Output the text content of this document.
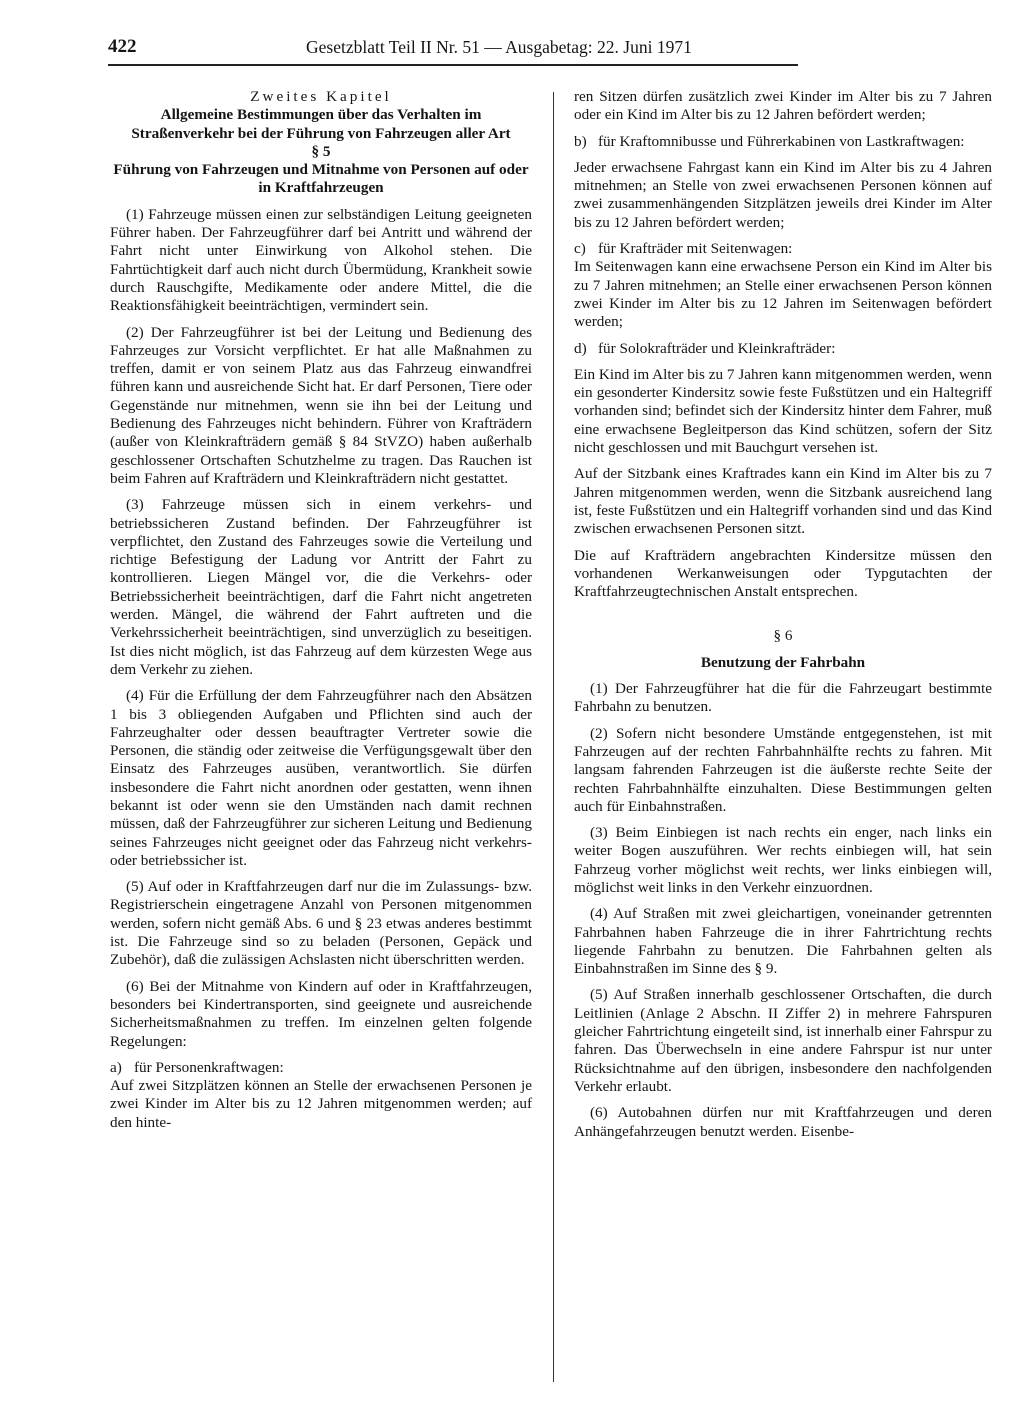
422	Gesetzblatt Teil II Nr. 51 — Ausgabetag: 22. Juni 1971

Zweites Kapitel

Allgemeine Bestimmungen über das Verhalten im Straßenverkehr bei der Führung von Fahrzeugen aller Art

§ 5

Führung von Fahrzeugen und Mitnahme von Personen auf oder in Kraftfahrzeugen

(1) Fahrzeuge müssen einen zur selbständigen Leitung geeigneten Führer haben. Der Fahrzeugführer darf bei Antritt und während der Fahrt nicht unter Einwirkung von Alkohol stehen. Die Fahrtüchtigkeit darf auch nicht durch Übermüdung, Krankheit sowie durch Rauschgifte, Medikamente oder andere Mittel, die die Reaktionsfähigkeit beeinträchtigen, vermindert sein.

(2) Der Fahrzeugführer ist bei der Leitung und Bedienung des Fahrzeuges zur Vorsicht verpflichtet. Er hat alle Maßnahmen zu treffen, damit er von seinem Platz aus das Fahrzeug einwandfrei führen kann und ausreichende Sicht hat. Er darf Personen, Tiere oder Gegenstände nur mitnehmen, wenn sie ihn bei der Leitung und Bedienung des Fahrzeuges nicht behindern. Führer von Krafträdern (außer von Kleinkrafträdern gemäß § 84 StVZO) haben außerhalb geschlossener Ortschaften Schutzhelme zu tragen. Das Rauchen ist beim Fahren auf Krafträdern und Kleinkrafträdern nicht gestattet.

(3) Fahrzeuge müssen sich in einem verkehrs- und betriebssicheren Zustand befinden. Der Fahrzeugführer ist verpflichtet, den Zustand des Fahrzeuges sowie die Verteilung und richtige Befestigung der Ladung vor Antritt der Fahrt zu kontrollieren. Liegen Mängel vor, die die Verkehrs- oder Betriebssicherheit beeinträchtigen, darf die Fahrt nicht angetreten werden. Mängel, die während der Fahrt auftreten und die Verkehrssicherheit beeinträchtigen, sind unverzüglich zu beseitigen. Ist dies nicht möglich, ist das Fahrzeug auf dem kürzesten Wege aus dem Verkehr zu ziehen.

(4) Für die Erfüllung der dem Fahrzeugführer nach den Absätzen 1 bis 3 obliegenden Aufgaben und Pflichten sind auch der Fahrzeughalter oder dessen beauftragter Vertreter sowie die Personen, die ständig oder zeitweise die Verfügungsgewalt über den Einsatz des Fahrzeuges ausüben, verantwortlich. Sie dürfen insbesondere die Fahrt nicht anordnen oder gestatten, wenn ihnen bekannt ist oder wenn sie den Umständen nach damit rechnen müssen, daß der Fahrzeugführer zur sicheren Leitung und Bedienung seines Fahrzeuges nicht geeignet oder das Fahrzeug nicht verkehrs- oder betriebssicher ist.

(5) Auf oder in Kraftfahrzeugen darf nur die im Zulassungs- bzw. Registrierschein eingetragene Anzahl von Personen mitgenommen werden, sofern nicht gemäß Abs. 6 und § 23 etwas anderes bestimmt ist. Die Fahrzeuge sind so zu beladen (Personen, Gepäck und Zubehör), daß die zulässigen Achslasten nicht überschritten werden.

(6) Bei der Mitnahme von Kindern auf oder in Kraftfahrzeugen, besonders bei Kindertransporten, sind geeignete und ausreichende Sicherheitsmaßnahmen zu treffen. Im einzelnen gelten folgende Regelungen:

a) für Personenkraftwagen:

Auf zwei Sitzplätzen können an Stelle der erwachsenen Personen je zwei Kinder im Alter bis zu 12 Jahren mitgenommen werden; auf den hinte-

ren Sitzen dürfen zusätzlich zwei Kinder im Alter bis zu 7 Jahren oder ein Kind im Alter bis zu 12 Jahren befördert werden;

b) für Kraftomnibusse und Führerkabinen von Lastkraftwagen:

Jeder erwachsene Fahrgast kann ein Kind im Alter bis zu 4 Jahren mitnehmen; an Stelle von zwei erwachsenen Personen können auf zwei zusammenhängenden Sitzplätzen jeweils drei Kinder im Alter bis zu 12 Jahren befördert werden;

c) für Krafträder mit Seitenwagen:

Im Seitenwagen kann eine erwachsene Person ein Kind im Alter bis zu 7 Jahren mitnehmen; an Stelle einer erwachsenen Person können zwei Kinder im Alter bis zu 12 Jahren im Seitenwagen befördert werden;

d) für Solokrafträder und Kleinkrafträder:

Ein Kind im Alter bis zu 7 Jahren kann mitgenommen werden, wenn ein gesonderter Kindersitz sowie feste Fußstützen und ein Haltegriff vorhanden sind; befindet sich der Kindersitz hinter dem Fahrer, muß eine erwachsene Begleitperson das Kind schützen, sofern der Sitz nicht geschlossen und mit Bauchgurt versehen ist.

Auf der Sitzbank eines Kraftrades kann ein Kind im Alter bis zu 7 Jahren mitgenommen werden, wenn die Sitzbank ausreichend lang ist, feste Fußstützen und ein Haltegriff vorhanden sind und das Kind zwischen erwachsenen Personen sitzt.

Die auf Krafträdern angebrachten Kindersitze müssen den vorhandenen Werkanweisungen oder Typgutachten der Kraftfahrzeugtechnischen Anstalt entsprechen.

§ 6

Benutzung der Fahrbahn

(1) Der Fahrzeugführer hat die für die Fahrzeugart bestimmte Fahrbahn zu benutzen.

(2) Sofern nicht besondere Umstände entgegenstehen, ist mit Fahrzeugen auf der rechten Fahrbahnhälfte rechts zu fahren. Mit langsam fahrenden Fahrzeugen ist die äußerste rechte Seite der rechten Fahrbahnhälfte einzuhalten. Diese Bestimmungen gelten auch für Einbahnstraßen.

(3) Beim Einbiegen ist nach rechts ein enger, nach links ein weiter Bogen auszuführen. Wer rechts einbiegen will, hat sein Fahrzeug vorher möglichst weit rechts, wer links einbiegen will, möglichst weit links in den Verkehr einzuordnen.

(4) Auf Straßen mit zwei gleichartigen, voneinander getrennten Fahrbahnen haben Fahrzeuge die in ihrer Fahrtrichtung rechts liegende Fahrbahn zu benutzen. Die Fahrbahnen gelten als Einbahnstraßen im Sinne des § 9.

(5) Auf Straßen innerhalb geschlossener Ortschaften, die durch Leitlinien (Anlage 2 Abschn. II Ziffer 2) in mehrere Fahrspuren gleicher Fahrtrichtung eingeteilt sind, ist innerhalb einer Fahrspur zu fahren. Das Überwechseln in eine andere Fahrspur ist nur unter Rücksichtnahme auf den übrigen, insbesondere den nachfolgenden Verkehr erlaubt.

(6) Autobahnen dürfen nur mit Kraftfahrzeugen und deren Anhängefahrzeugen benutzt werden. Eisenbe-
